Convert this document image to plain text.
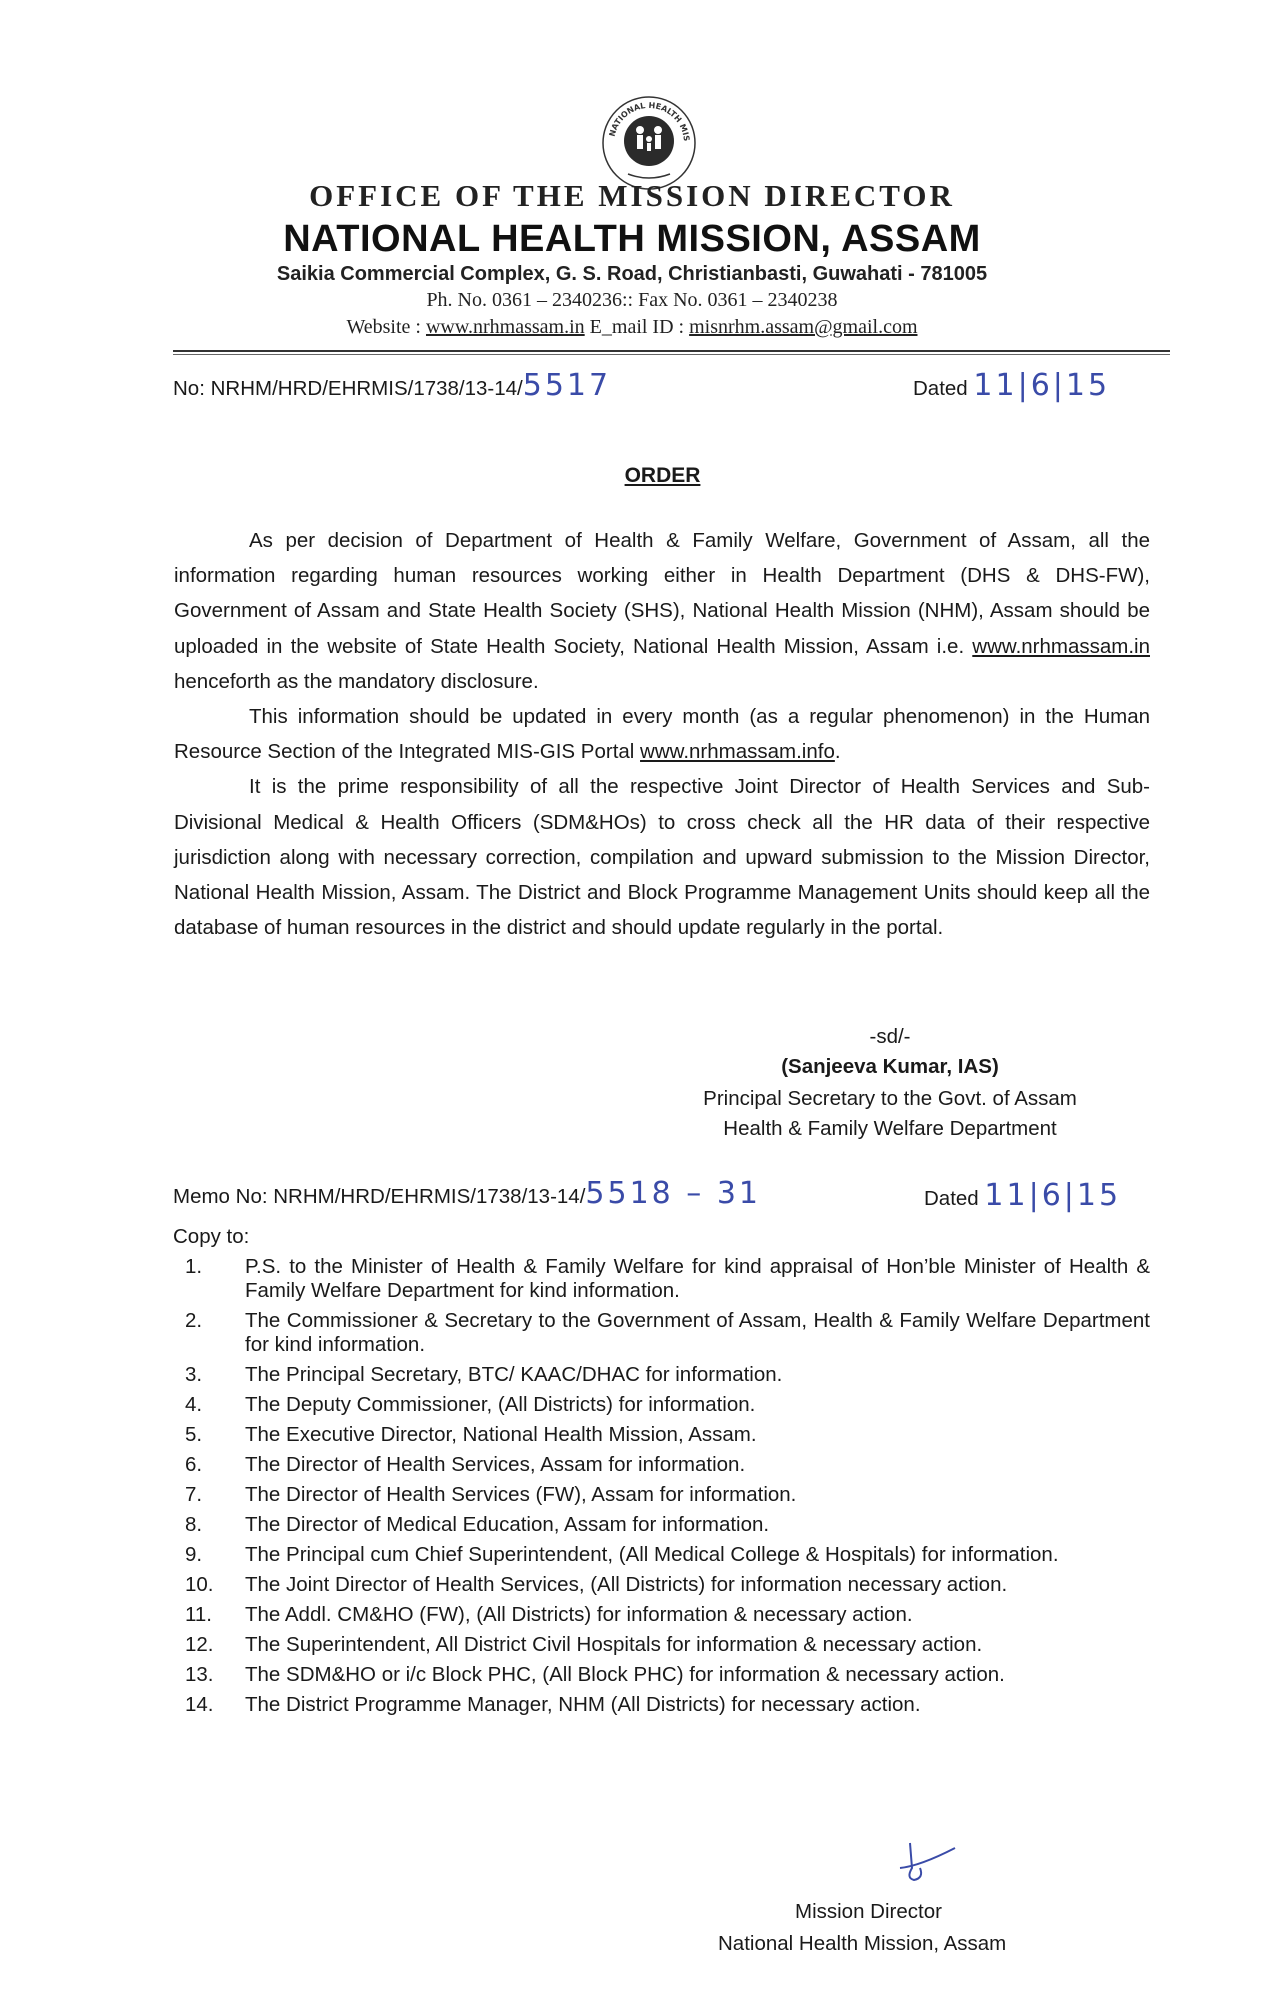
NATIONAL HEALTH MIS
OFFICE OF THE MISSION DIRECTOR
NATIONAL HEALTH MISSION, ASSAM
Saikia Commercial Complex, G. S. Road, Christianbasti, Guwahati - 781005
Ph. No. 0361 – 2340236:: Fax No. 0361 – 2340238
Website : www.nrhmassam.in E_mail ID : misnrhm.assam@gmail.com
No: NRHM/HRD/EHRMIS/1738/13-14/5517	Dated 11|6|15
ORDER

As per decision of Department of Health & Family Welfare, Government of Assam, all the information regarding human resources working either in Health Department (DHS & DHS-FW), Government of Assam and State Health Society (SHS), National Health Mission (NHM), Assam should be uploaded in the website of State Health Society, National Health Mission, Assam i.e. www.nrhmassam.in henceforth as the mandatory disclosure.

This information should be updated in every month (as a regular phenomenon) in the Human Resource Section of the Integrated MIS-GIS Portal www.nrhmassam.info.

It is the prime responsibility of all the respective Joint Director of Health Services and Sub-Divisional Medical & Health Officers (SDM&HOs) to cross check all the HR data of their respective jurisdiction along with necessary correction, compilation and upward submission to the Mission Director, National Health Mission, Assam. The District and Block Programme Management Units should keep all the database of human resources in the district and should update regularly in the portal.

-sd/-
(Sanjeeva Kumar, IAS)
Principal Secretary to the Govt. of Assam
Health & Family Welfare Department
Memo No: NRHM/HRD/EHRMIS/1738/13-14/5518 – 31	Dated 11|6|15
Copy to:
1. P.S. to the Minister of Health & Family Welfare for kind appraisal of Hon’ble Minister of Health & Family Welfare Department for kind information.
2. The Commissioner & Secretary to the Government of Assam, Health & Family Welfare Department for kind information.
3. The Principal Secretary, BTC/ KAAC/DHAC for information.
4. The Deputy Commissioner, (All Districts) for information.
5. The Executive Director, National Health Mission, Assam.
6. The Director of Health Services, Assam for information.
7. The Director of Health Services (FW), Assam for information.
8. The Director of Medical Education, Assam for information.
9. The Principal cum Chief Superintendent, (All Medical College & Hospitals) for information.
10. The Joint Director of Health Services, (All Districts) for information necessary action.
11. The Addl. CM&HO (FW), (All Districts) for information & necessary action.
12. The Superintendent, All District Civil Hospitals for information & necessary action.
13. The SDM&HO or i/c Block PHC, (All Block PHC) for information & necessary action.
14. The District Programme Manager, NHM (All Districts) for necessary action.
Mission Director
National Health Mission, Assam
